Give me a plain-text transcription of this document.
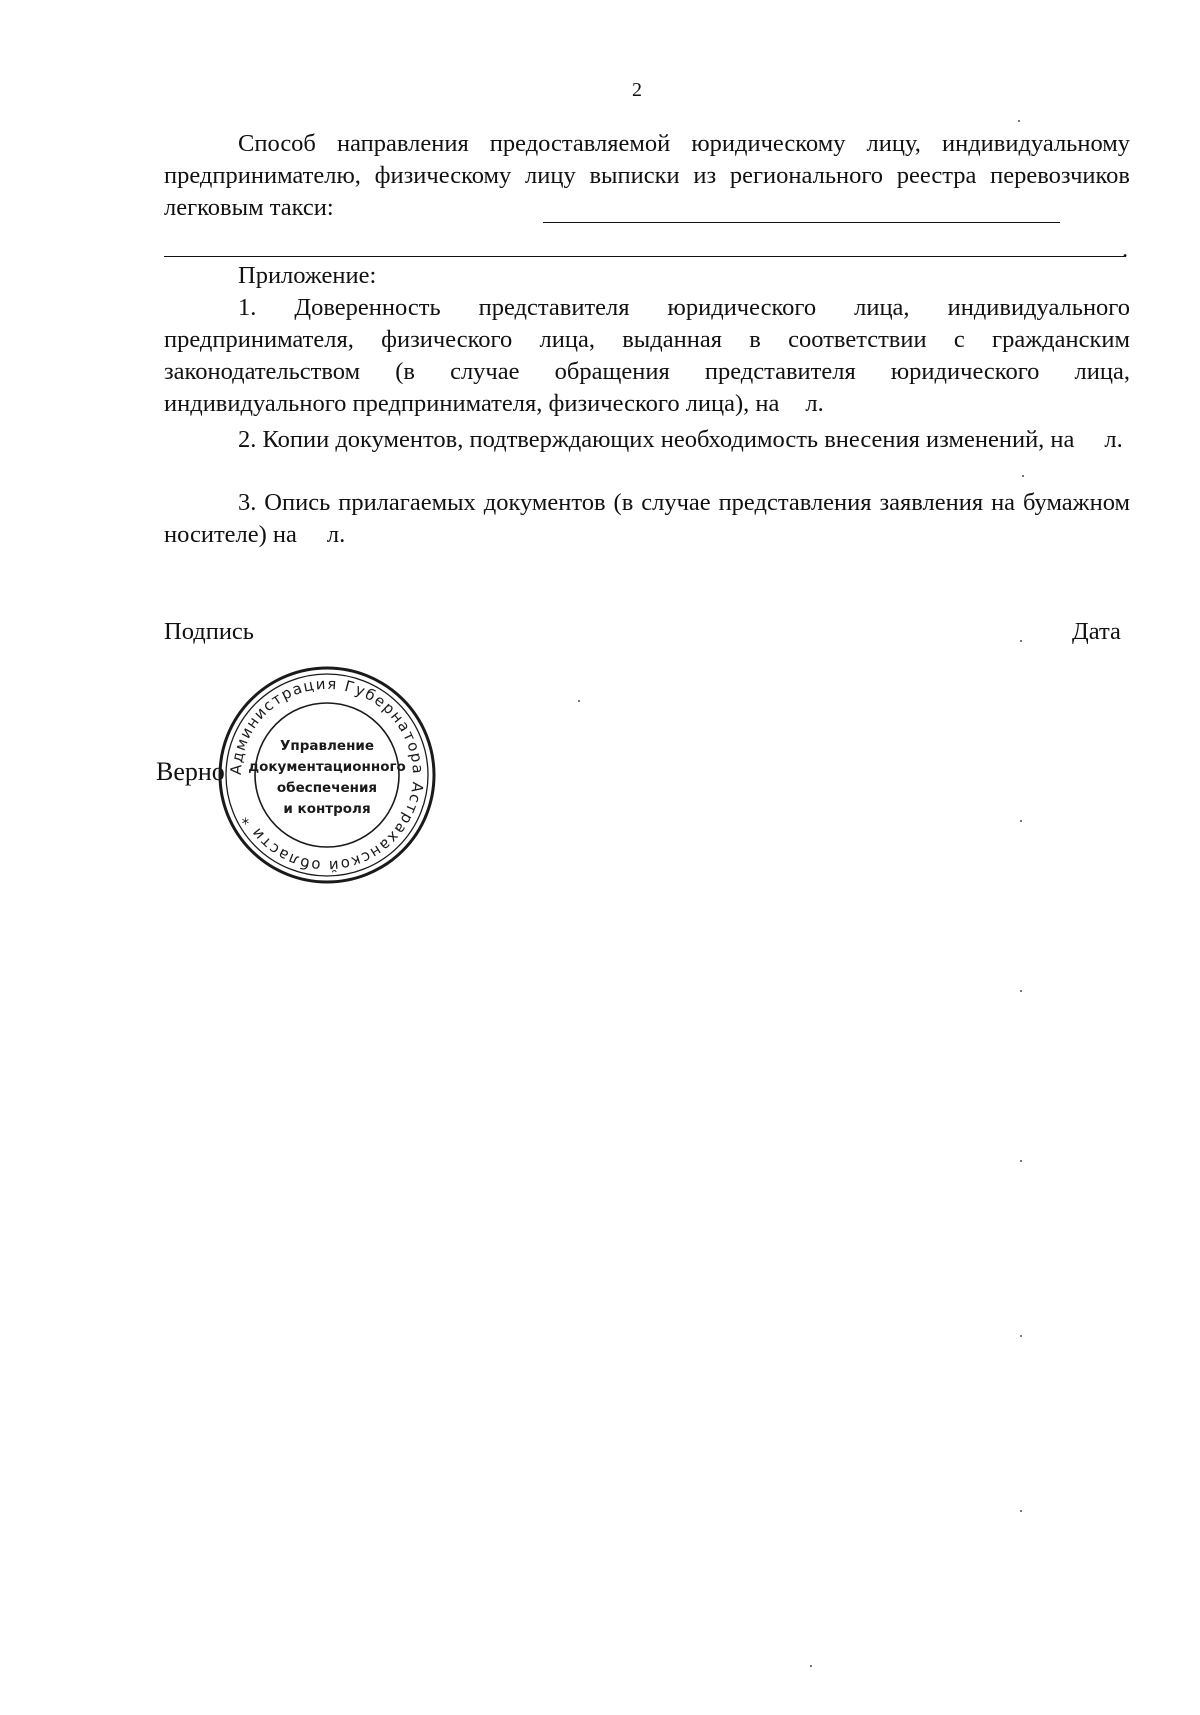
2

Способ направления предоставляемой юридическому лицу, индивидуальному предпринимателю, физическому лицу выписки из регионального реестра перевозчиков легковым такси:

.
Приложение:

1. Доверенность представителя юридического лица, индивидуального предпринимателя, физического лица, выданная в соответствии с гражданским законодательством (в случае обращения представителя юридического лица, индивидуального предпринимателя, физического лица), на л.

2. Копии документов, подтверждающих необходимость внесения изменений, на л.

3. Опись прилагаемых документов (в случае представления заявления на бумажном носителе) на л.

Подпись	Дата
Верно Администрация Губернатора Астраханской области *
Управление
документационного
обеспечения
и контроля
